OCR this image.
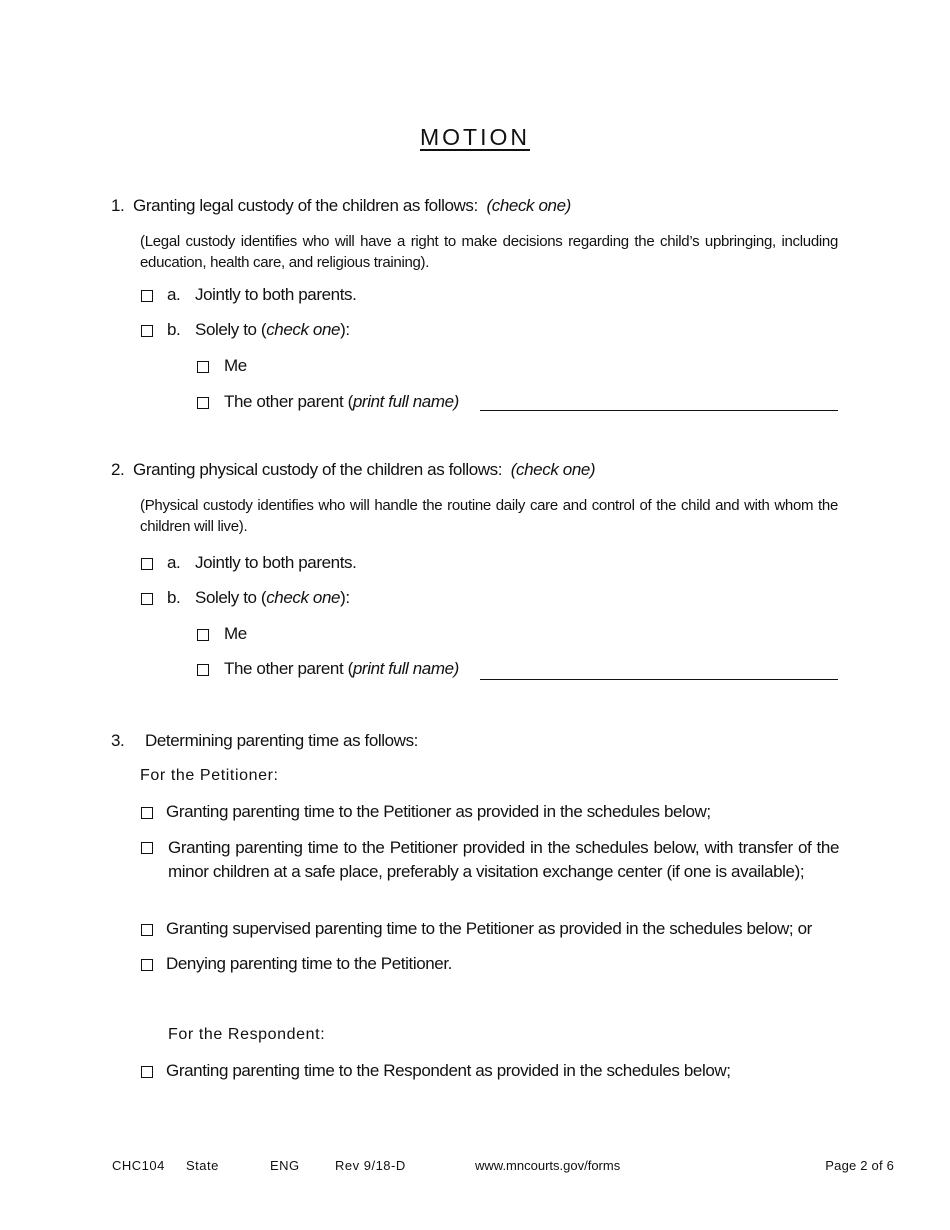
MOTION
1. Granting legal custody of the children as follows: (check one)
(Legal custody identifies who will have a right to make decisions regarding the child’s upbringing, including education, health care, and religious training).
a. Jointly to both parents.
b. Solely to (check one):
Me
The other parent (print full name)
2. Granting physical custody of the children as follows: (check one)
(Physical custody identifies who will handle the routine daily care and control of the child and with whom the children will live).
a. Jointly to both parents.
b. Solely to (check one):
Me
The other parent (print full name)
3. Determining parenting time as follows:
For the Petitioner:
Granting parenting time to the Petitioner as provided in the schedules below;
Granting parenting time to the Petitioner provided in the schedules below, with transfer of the minor children at a safe place, preferably a visitation exchange center (if one is available);
Granting supervised parenting time to the Petitioner as provided in the schedules below; or
Denying parenting time to the Petitioner.
For the Respondent:
Granting parenting time to the Respondent as provided in the schedules below;
CHC104 State	ENG	Rev 9/18-D	www.mncourts.gov/forms	Page 2 of 6
